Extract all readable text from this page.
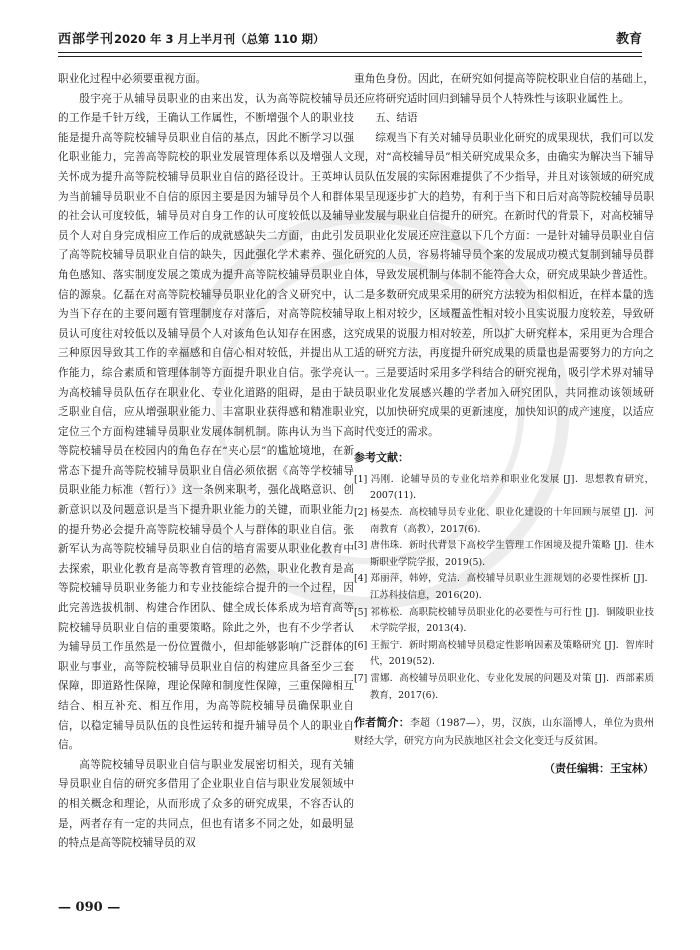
西部学刊2020 年 3 月上半月刊（总第 110 期）	教育

职业化过程中必须要重视方面。

殷宇亮于从辅导员职业的由来出发，认为高等院校辅导员的工作是千针万线，王确认工作属性，不断增强个人的职业技能是提升高等院校辅导员职业自信的基点，因此不断学习以强化职业能力，完善高等院校的职业发展管理体系以及增强人文关怀成为提升高等院校辅导员职业自信的路径设计。王英坤认为当前辅导员职业不自信的原因主要是因为辅导员个人和群体的社会认可度较低，辅导员对自身工作的认可度较低以及辅导员个人对自身完成相应工作后的成就感缺失二方面，由此引发了高等院校辅导员职业自信的缺失，因此强化学术素养、强化角色感知、落实制度发展之策成为提升高等院校辅导员职业自信的源泉。亿磊在对高等院校辅导员职业化的含义研究中，认为当下存在的主要问题有管理制度存对落后，对高等院校辅导员认可度往对较低以及辅导员个人对该角色认知存在困惑，这三种原因导致其工作的幸福感和自信心相对较低，并提出从工作能力，综合素质和管理体制等方面提升职业自信。张学亮认为高校辅导员队伍存在职业化、专业化道路的阻碍，是由于缺乏职业自信，应从增强职业能力、丰富职业获得感和精准职业定位三个方面构建辅导员职业发展体制机制。陈冉认为当下高等院校辅导员在校园内的角色存在“夹心层”的尴尬境地，在新常态下提升高等院校辅导员职业自信必须依据《高等学校辅导员职业能力标准（暂行）》这一条例来职考，强化战略意识、创新意识以及问题意识是当下提升职业能力的关键，而职业能力的提升势必会提升高等院校辅导员个人与群体的职业自信。张新军认为高等院校辅导员职业自信的培育需要从职业化教育中去探索，职业化教育是高等教育管理的必然，职业化教育是高等院校辅导员职业务能力和专业技能综合提升的一个过程，因此完善选拔机制、构建合作团队、健全成长体系成为培育高等院校辅导员职业自信的重要策略。除此之外，也有不少学者认为辅导员工作虽然是一份位置微小，但却能够影响广泛群体的职业与事业，高等院校辅导员职业自信的构建应具备至少三套保障，即道路性保障，理论保障和制度性保障，三重保障相互结合、相互补充、相互作用，为高等院校辅导员确保职业自信，以稳定辅导员队伍的良性运转和提升辅导员个人的职业自信。

高等院校辅导员职业自信与职业发展密切相关，现有关辅导员职业自信的研究多借用了企业职业自信与职业发展领域中的相关概念和理论，从而形成了众多的研究成果，不容否认的是，两者存有一定的共同点，但也有诸多不同之处，如最明显的特点是高等院校辅导员的双

重角色身份。因此，在研究如何提高等院校职业自信的基础上，还应将研究适时回归到辅导员个人特殊性与该职业属性上。

五、结语

综观当下有关对辅导员职业化研究的成果现状，我们可以发现，对“高校辅导员”相关研究成果众多，由确实为解决当下辅导员队伍发展的实际困难提供了不少指导，并且对该领域的研究成果呈现逐步扩大的趋势，有利于当下和日后对高等院校辅导员职业发展与职业自信提升的研究。在新时代的背景下，对高校辅导员职业化发展还应注意以下几个方面：一是针对辅导员职业自信研究的人员，容易将辅导员个案的发展成功模式复制到辅导员群体，导致发展机制与体制不能符合大众，研究成果缺少普适性。二是多数研究成果采用的研究方法较为相似相近，在样本量的选取上相对较少，区域覆盖性相对较小且实说服力度较差，导致研究成果的说服力相对较差，所以扩大研究样本，采用更为合理合适的研究方法，再度提升研究成果的质量也是需要努力的方向之一。三是要适时采用多学科结合的研究视角，吸引学术界对辅导员职业化发展感兴趣的学者加入研究团队，共同推动该领域研究，以加快研究成果的更新速度，加快知识的成产速度，以适应时代变迁的需求。

参考文献：
[1] 冯刚．论辅导员的专业化培养和职业化发展 [J]．思想教育研究，2007(11)．
[2] 杨晏杰．高校辅导员专业化、职业化建设的十年回顾与展望 [J]．河南教育（高教），2017(6)．
[3] 唐伟珠．新时代背景下高校学生管理工作困境及提升策略 [J]．佳木斯职业学院学报，2019(5)．
[4] 郑丽萍，韩婷，党洁．高校辅导员职业生涯规划的必要性探析 [J]．江苏科技信息，2016(20)．
[5] 祁栋松．高职院校辅导员职业化的必要性与可行性 [J]．铜陵职业技术学院学报，2013(4)．
[6] 王振宁．新时期高校辅导员稳定性影响因素及策略研究 [J]．智库时代，2019(52)．
[7] 雷娜．高校辅导员职业化、专业化发展的问题及对策 [J]．西部素质教育，2017(6)．
作者简介：李超（1987—），男，汉族，山东淄博人，单位为贵州财经大学，研究方向为民族地区社会文化变迁与反贫困。
（责任编辑：王宝林）
— 090 —
